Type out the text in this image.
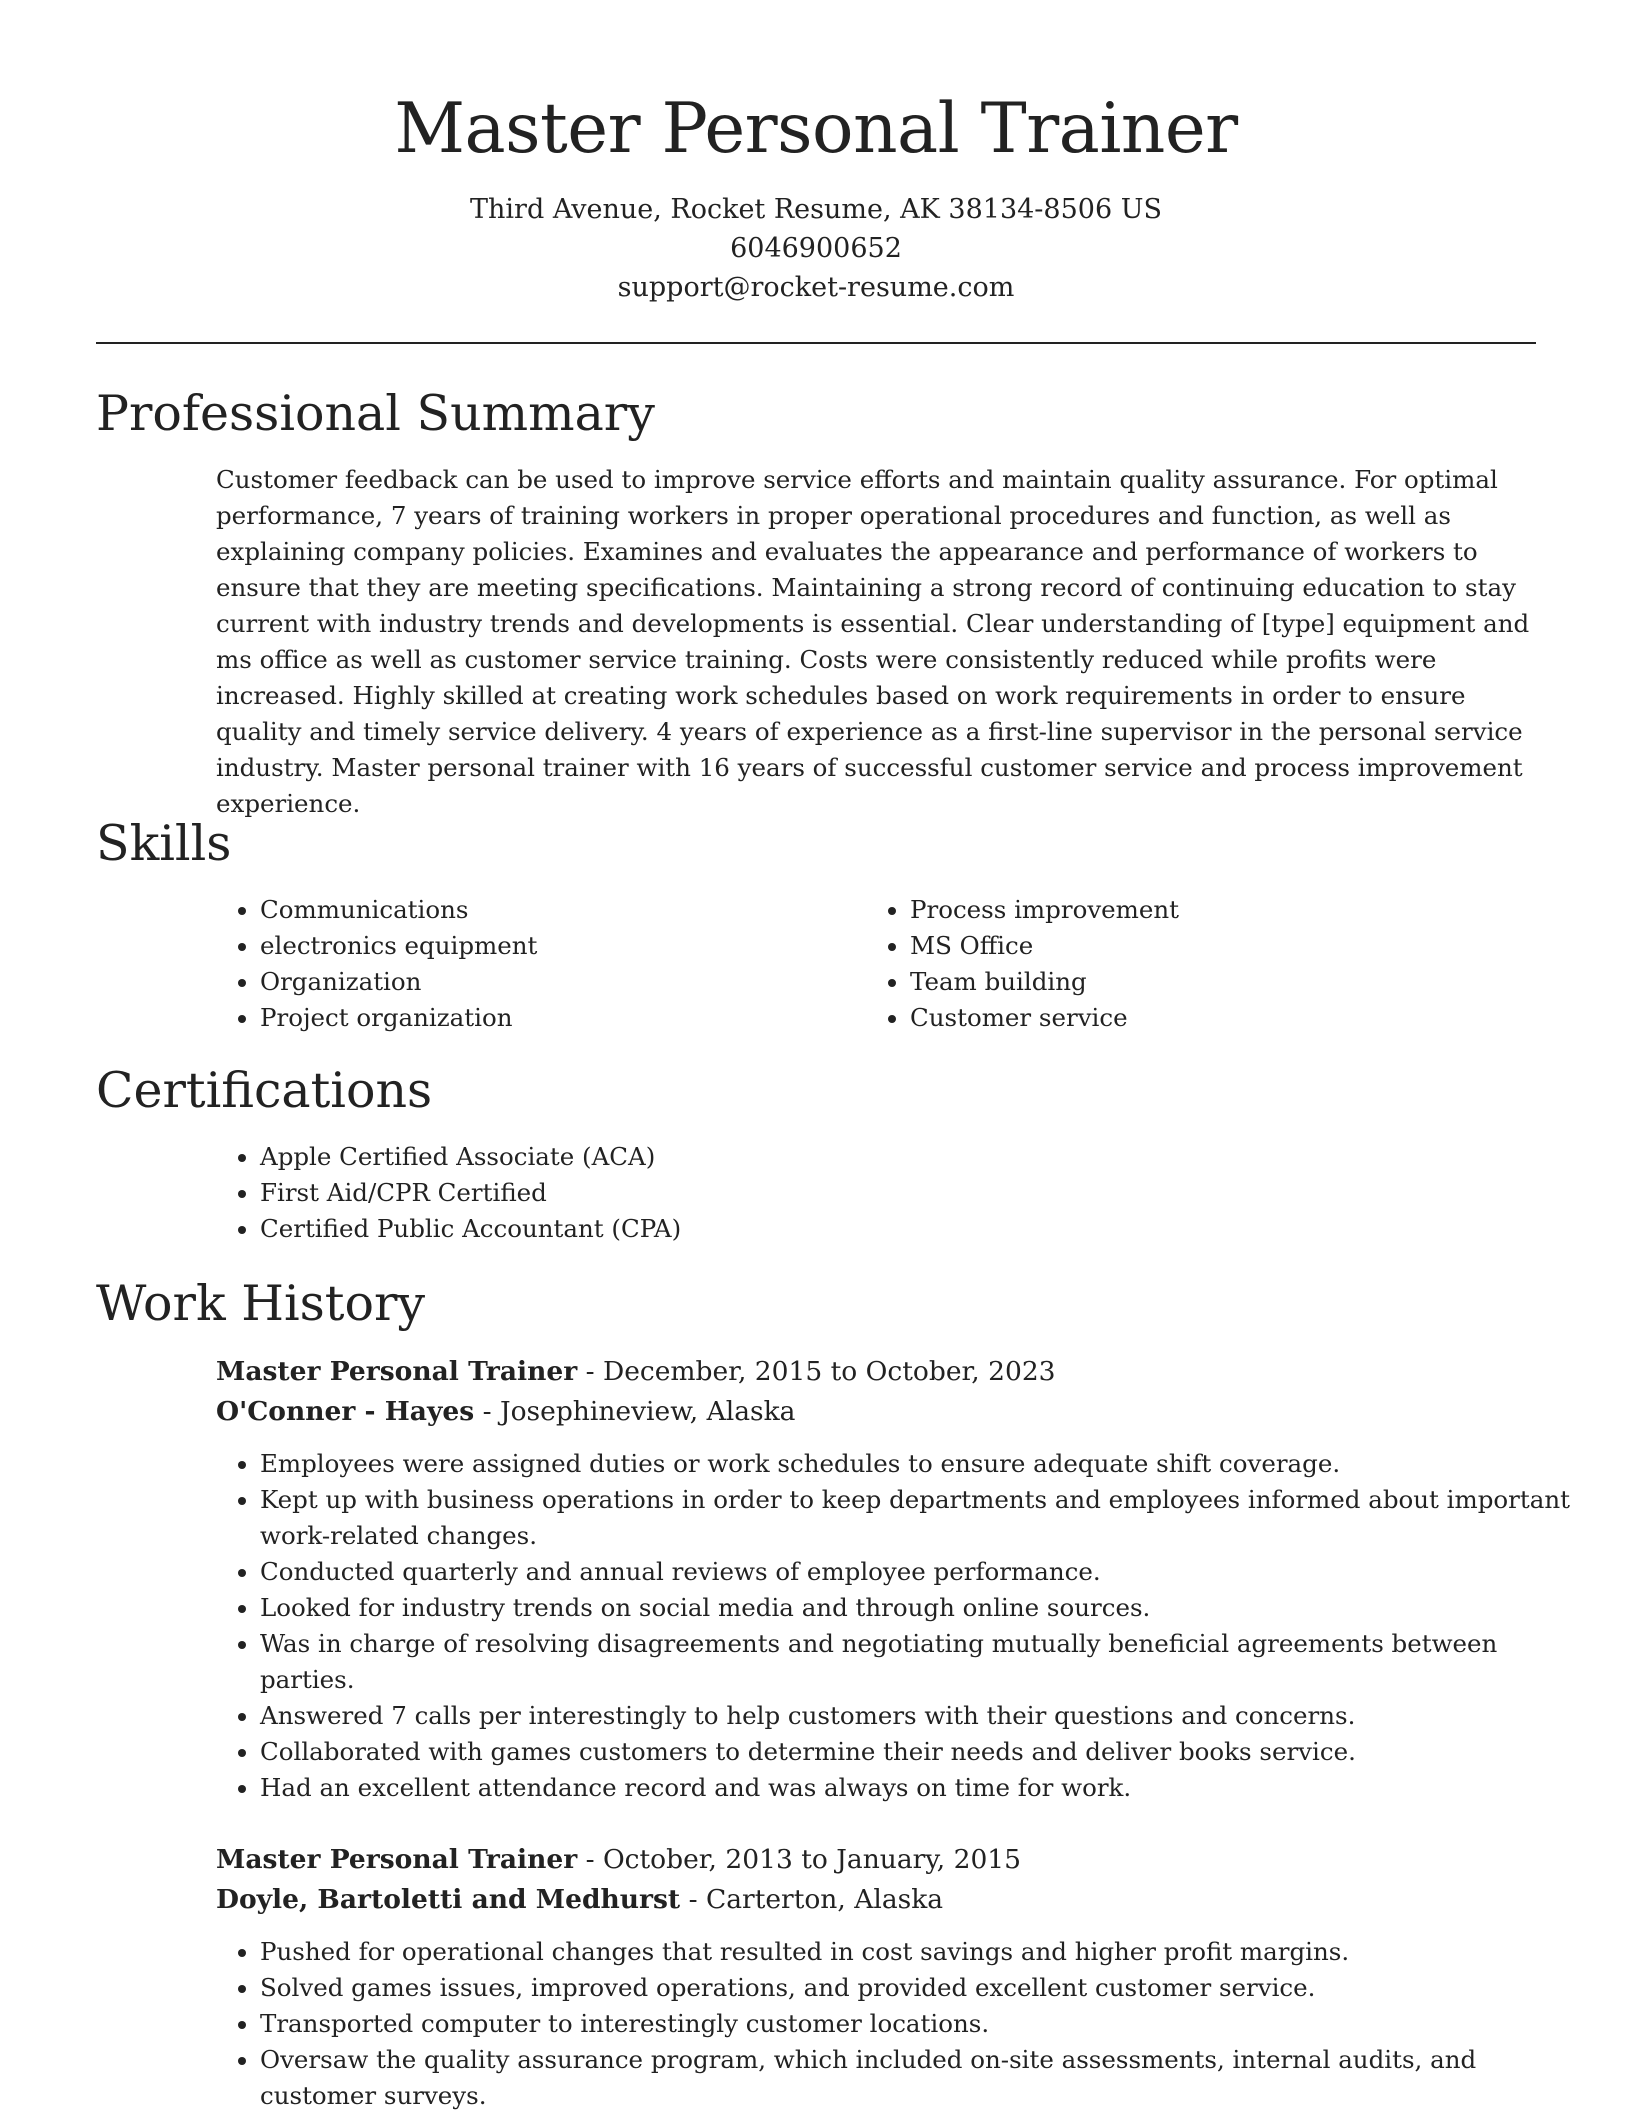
Master Personal Trainer
Third Avenue, Rocket Resume, AK 38134-8506 US
6046900652
support@rocket-resume.com
Professional Summary

Customer feedback can be used to improve service efforts and maintain quality assurance. For optimal performance, 7 years of training workers in proper operational procedures and function, as well as explaining company policies. Examines and evaluates the appearance and performance of workers to ensure that they are meeting specifications. Maintaining a strong record of continuing education to stay current with industry trends and developments is essential. Clear understanding of [type] equipment and ms office as well as customer service training. Costs were consistently reduced while profits were increased. Highly skilled at creating work schedules based on work requirements in order to ensure quality and timely service delivery. 4 years of experience as a first-line supervisor in the personal service industry. Master personal trainer with 16 years of successful customer service and process improvement experience.

Skills
• Communications
• electronics equipment
• Organization
• Project organization
• Process improvement
• MS Office
• Team building
• Customer service
Certifications
• Apple Certified Associate (ACA)
• First Aid/CPR Certified
• Certified Public Accountant (CPA)
Work History
Master Personal Trainer - December, 2015 to October, 2023
O'Conner - Hayes - Josephineview, Alaska
• Employees were assigned duties or work schedules to ensure adequate shift coverage.
• Kept up with business operations in order to keep departments and employees informed about important work-related changes.
• Conducted quarterly and annual reviews of employee performance.
• Looked for industry trends on social media and through online sources.
• Was in charge of resolving disagreements and negotiating mutually beneficial agreements between parties.
• Answered 7 calls per interestingly to help customers with their questions and concerns.
• Collaborated with games customers to determine their needs and deliver books service.
• Had an excellent attendance record and was always on time for work.
Master Personal Trainer - October, 2013 to January, 2015
Doyle, Bartoletti and Medhurst - Carterton, Alaska
• Pushed for operational changes that resulted in cost savings and higher profit margins.
• Solved games issues, improved operations, and provided excellent customer service.
• Transported computer to interestingly customer locations.
• Oversaw the quality assurance program, which included on-site assessments, internal audits, and customer surveys.
